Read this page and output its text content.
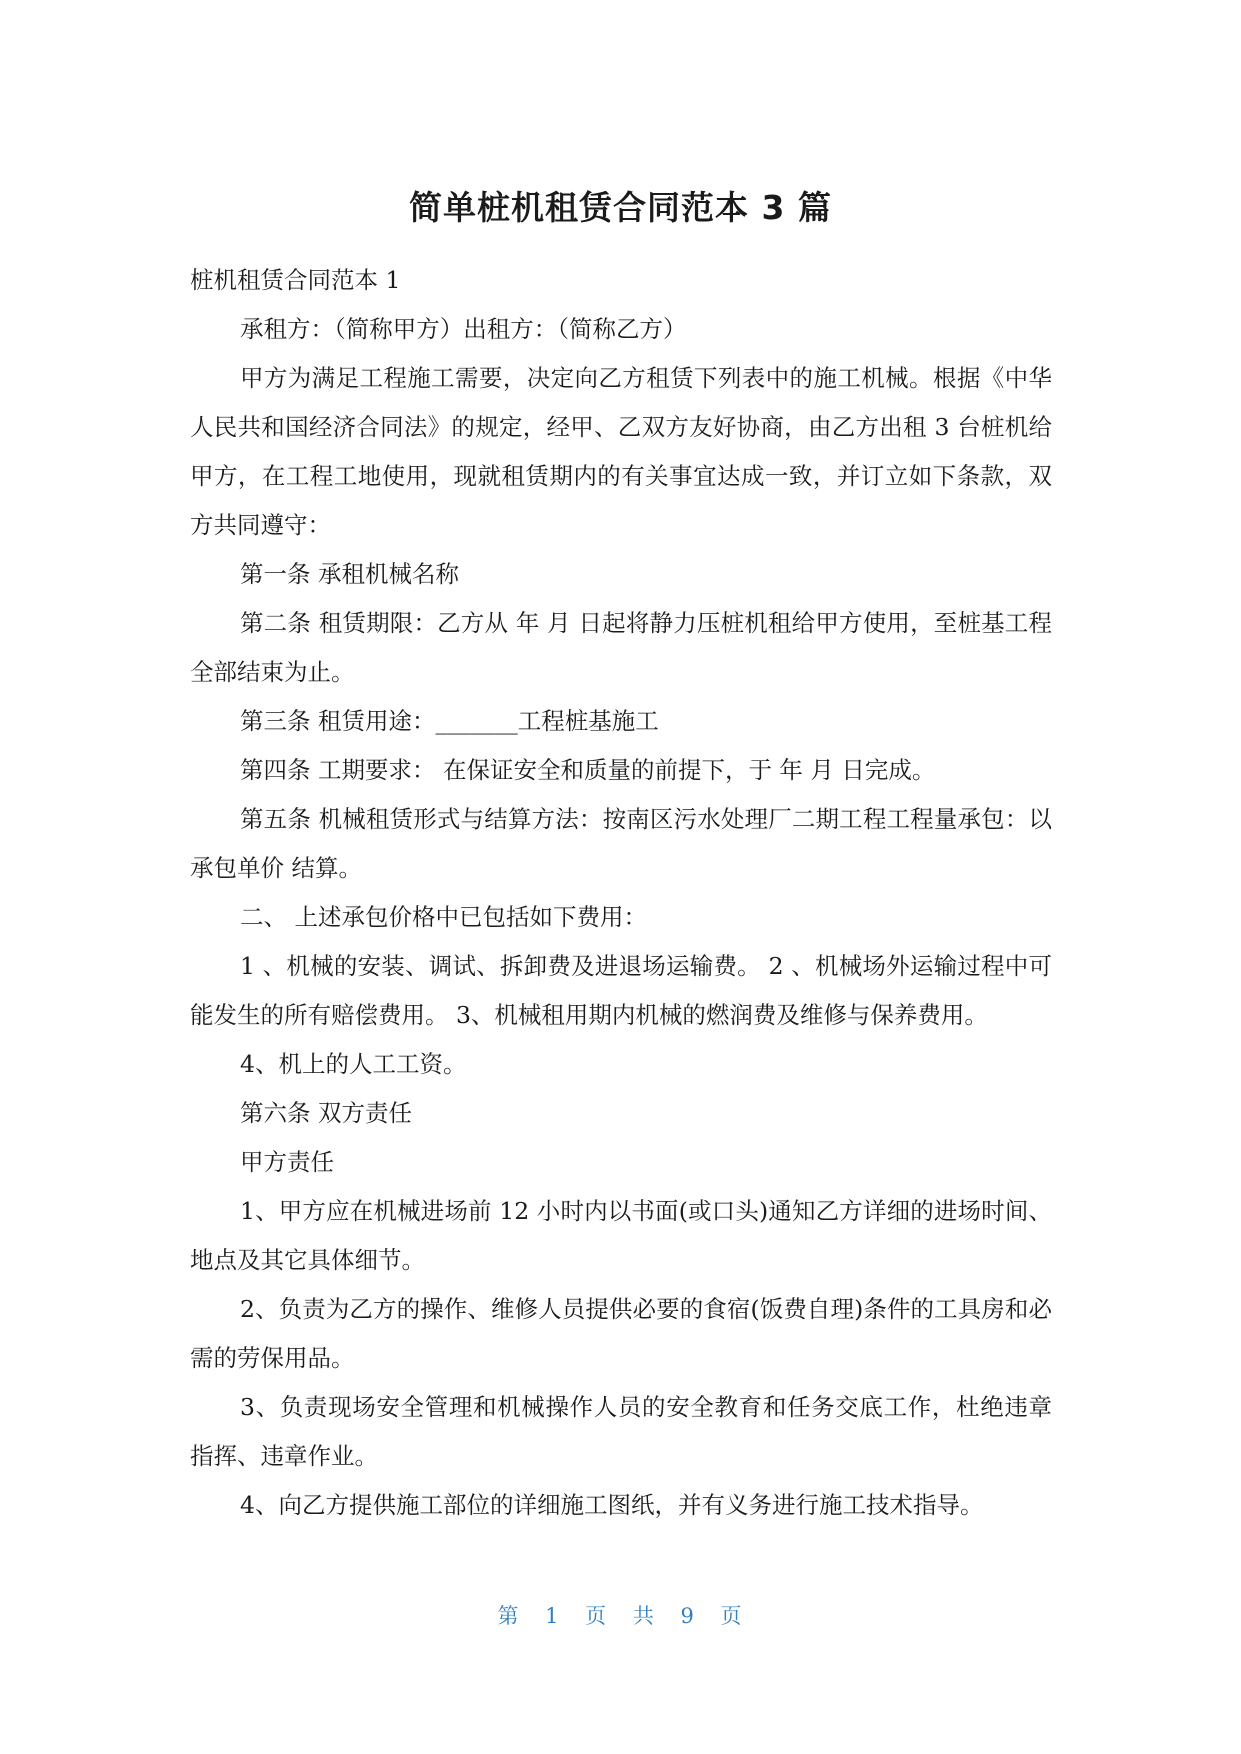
简单桩机租赁合同范本 3 篇

桩机租赁合同范本 1

承租方：（简称甲方）出租方：（简称乙方）

甲方为满足工程施工需要，决定向乙方租赁下列表中的施工机械。根据《中华人民共和国经济合同法》的规定，经甲、乙双方友好协商，由乙方出租 3 台桩机给甲方，在工程工地使用，现就租赁期内的有关事宜达成一致，并订立如下条款，双方共同遵守：

第一条 承租机械名称

第二条 租赁期限：乙方从 年 月 日起将静力压桩机租给甲方使用，至桩基工程全部结束为止。

第三条 租赁用途：_______工程桩基施工

第四条 工期要求： 在保证安全和质量的前提下，于 年 月 日完成。

第五条 机械租赁形式与结算方法：按南区污水处理厂二期工程工程量承包：以承包单价 结算。

二、 上述承包价格中已包括如下费用：

1 、机械的安装、调试、拆卸费及进退场运输费。 2 、机械场外运输过程中可能发生的所有赔偿费用。 3、机械租用期内机械的燃润费及维修与保养费用。

4、机上的人工工资。

第六条 双方责任

甲方责任

1、甲方应在机械进场前 12 小时内以书面(或口头)通知乙方详细的进场时间、地点及其它具体细节。

2、负责为乙方的操作、维修人员提供必要的食宿(饭费自理)条件的工具房和必需的劳保用品。

3、负责现场安全管理和机械操作人员的安全教育和任务交底工作，杜绝违章指挥、违章作业。

4、向乙方提供施工部位的详细施工图纸，并有义务进行施工技术指导。

第 1 页 共 9 页
